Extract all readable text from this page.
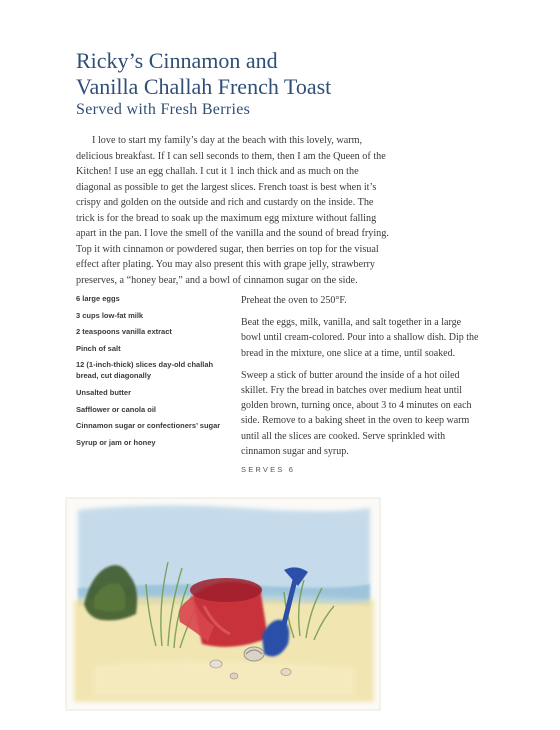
Ricky’s Cinnamon and
Vanilla Challah French Toast
Served with Fresh Berries

I love to start my family’s day at the beach with this lovely, warm, delicious breakfast. If I can sell seconds to them, then I am the Queen of the Kitchen! I use an egg challah. I cut it 1 inch thick and as much on the diagonal as possible to get the largest slices. French toast is best when it’s crispy and golden on the outside and rich and custardy on the inside. The trick is for the bread to soak up the maximum egg mixture without falling apart in the pan. I love the smell of the vanilla and the sound of bread frying. Top it with cinnamon or powdered sugar, then berries on top for the visual effect after plating. You may also present this with grape jelly, strawberry preserves, a “honey bear,” and a bowl of cinnamon sugar on the side.

6 large eggs
3 cups low-fat milk
2 teaspoons vanilla extract
Pinch of salt
12 (1-inch-thick) slices day-old challah bread, cut diagonally
Unsalted butter
Safflower or canola oil
Cinnamon sugar or confectioners’ sugar
Syrup or jam or honey

Preheat the oven to 250°F.

Beat the eggs, milk, vanilla, and salt together in a large bowl until cream-colored. Pour into a shallow dish. Dip the bread in the mixture, one slice at a time, until soaked.

Sweep a stick of butter around the inside of a hot oiled skillet. Fry the bread in batches over medium heat until golden brown, turning once, about 3 to 4 minutes on each side. Remove to a baking sheet in the oven to keep warm until all the slices are cooked. Serve sprinkled with cinnamon sugar and syrup.

SERVES 6
